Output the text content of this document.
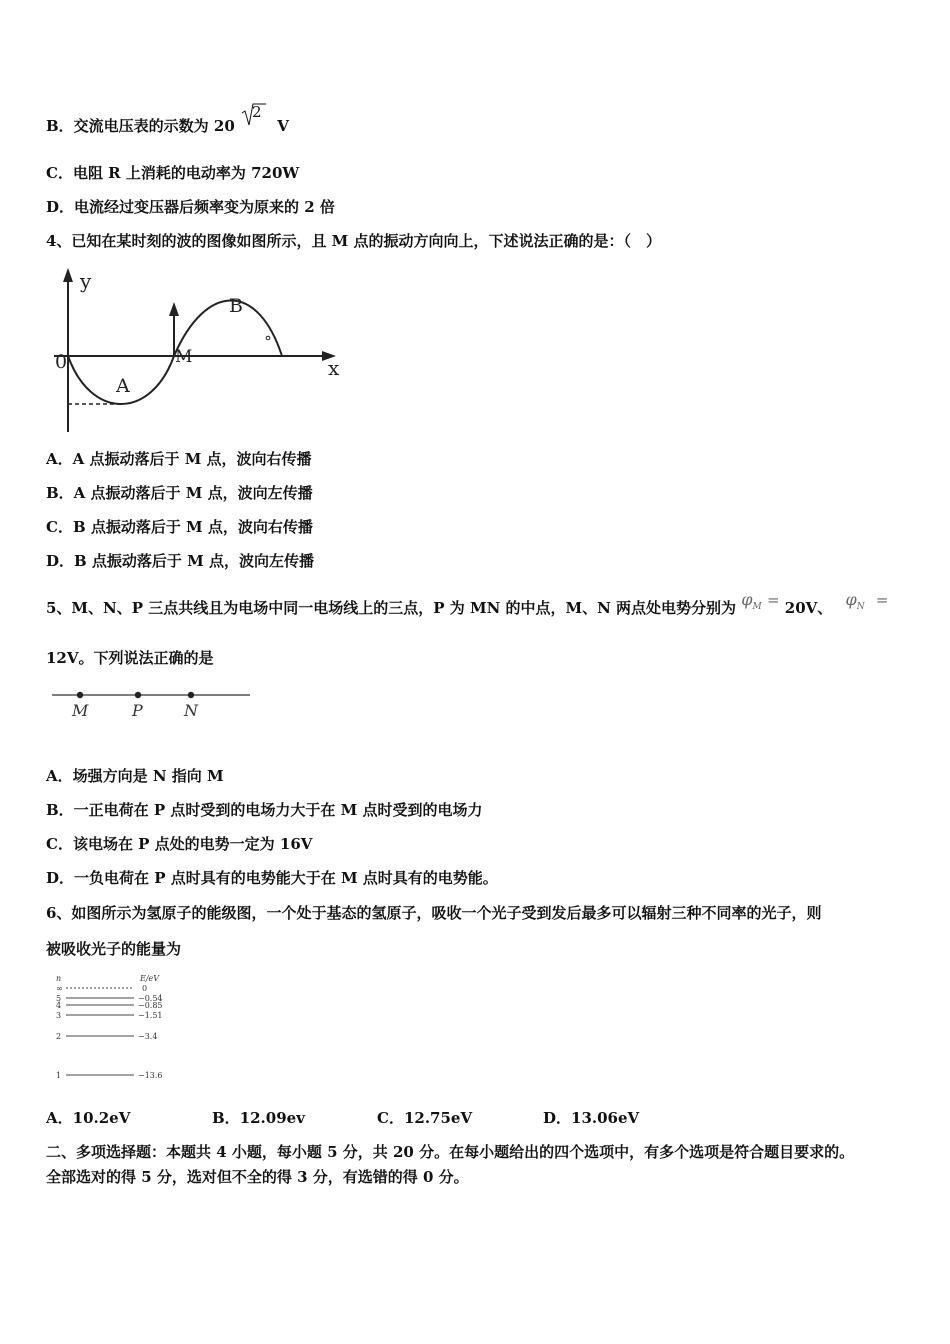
B．交流电压表的示数为 20
2
V
C．电阻 R 上消耗的电动率为 720W
D．电流经过变压器后频率变为原来的 2 倍
4、已知在某时刻的波的图像如图所示，且 M 点的振动方向向上，下述说法正确的是：（　）
y
x
0
A
B
M
A．A 点振动落后于 M 点，波向右传播
B．A 点振动落后于 M 点，波向左传播
C．B 点振动落后于 M 点，波向右传播
D．B 点振动落后于 M 点，波向左传播
5、M、N、P 三点共线且为电场中同一电场线上的三点，P 为 MN 的中点，M、N 两点处电势分别为 $\varphi_M = 20V$、 $\varphi_N$ =
12V。下列说法正确的是
M	P	N
A．场强方向是 N 指向 M
B．一正电荷在 P 点时受到的电场力大于在 M 点时受到的电场力
C．该电场在 P 点处的电势一定为 16V
D．一负电荷在 P 点时具有的电势能大于在 M 点时具有的电势能。
6、如图所示为氢原子的能级图，一个处于基态的氢原子，吸收一个光子受到发后最多可以辐射三种不同率的光子，则
被吸收光子的能量为
n	E/eV
∞	0
5	−0.54
4	−0.85
3	−1.51
2	−3.4
1	−13.6
A．10.2eV	B．12.09ev	C．12.75eV	D．13.06eV
二、多项选择题：本题共 4 小题，每小题 5 分，共 20 分。在每小题给出的四个选项中，有多个选项是符合题目要求的。
全部选对的得 5 分，选对但不全的得 3 分，有选错的得 0 分。
